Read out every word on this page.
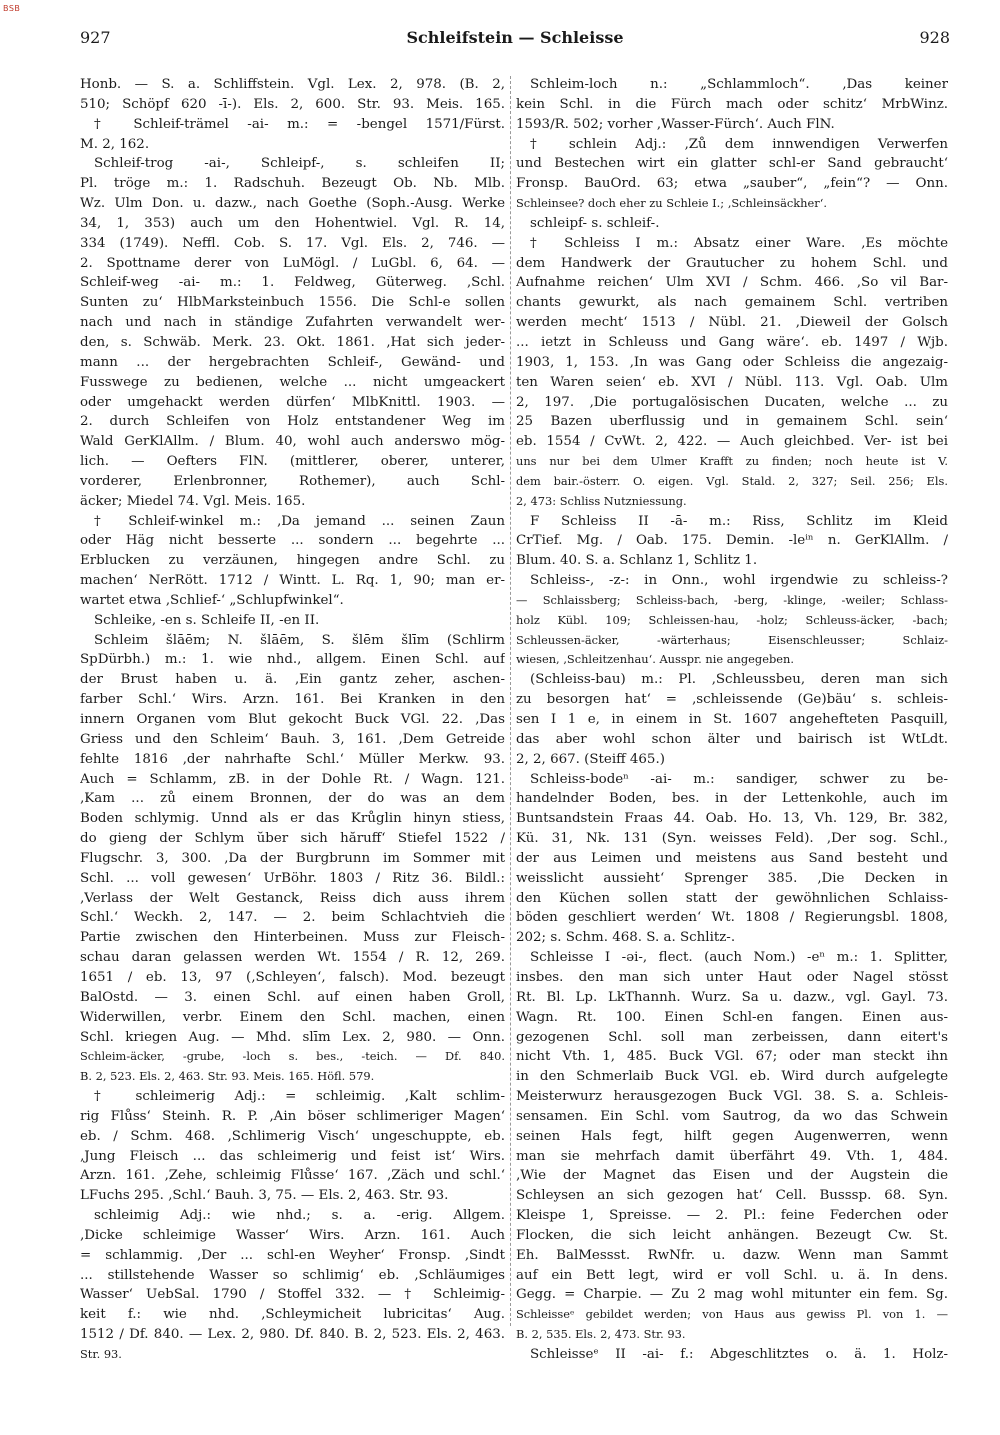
BSB
927	Schleifstein — Schleisse	928
Honb. — S. a. Schliffstein. Vgl. Lex. 2, 978. (B. 2,
510; Schöpf 620 -ī-). Els. 2, 600. Str. 93. Meis. 165.
† Schleif-trämel -ai- m.: = -bengel 1571/Fürst.
M. 2, 162.
Schleif-trog -ai-, Schleipf-, s. schleifen II;
Pl. tröge m.: 1. Radschuh. Bezeugt Ob. Nb. Mlb.
Wz. Ulm Don. u. dazw., nach Goethe (Soph.-Ausg. Werke
34, 1, 353) auch um den Hohentwiel. Vgl. R. 14,
334 (1749). Neffl. Cob. S. 17. Vgl. Els. 2, 746. —
2. Spottname derer von LuMögl. / LuGbl. 6, 64. —
Schleif-weg -ai- m.: 1. Feldweg, Güterweg. ‚Schl.
Sunten zu‘ HlbMarksteinbuch 1556. Die Schl-e sollen
nach und nach in ständige Zufahrten verwandelt wer-
den, s. Schwäb. Merk. 23. Okt. 1861. ‚Hat sich jeder-
mann ... der hergebrachten Schleif-, Gewänd- und
Fusswege zu bedienen, welche ... nicht umgeackert
oder umgehackt werden dürfen‘ MlbKnittl. 1903. —
2. durch Schleifen von Holz entstandener Weg im
Wald GerKlAllm. / Blum. 40, wohl auch anderswo mög-
lich. — Oefters FlN. (mittlerer, oberer, unterer,
vorderer, Erlenbronner, Rothemer), auch Schl-
äcker; Miedel 74. Vgl. Meis. 165.
† Schleif-winkel m.: ‚Da jemand ... seinen Zaun
oder Häg nicht besserte ... sondern ... begehrte ...
Erblucken zu verzäunen, hingegen andre Schl. zu
machen‘ NerRött. 1712 / Wintt. L. Rq. 1, 90; man er-
wartet etwa ‚Schlief-‘ „Schlupfwinkel“.
Schleike, -en s. Schleife II, -en II.
Schleim šlāēm; N. šlāēm, S. šlēm šlīm (Schlirm
SpDürbh.) m.: 1. wie nhd., allgem. Einen Schl. auf
der Brust haben u. ä. ‚Ein gantz zeher, aschen-
farber Schl.‘ Wirs. Arzn. 161. Bei Kranken in den
innern Organen vom Blut gekocht Buck VGl. 22. ‚Das
Griess und den Schleim‘ Bauh. 3, 161. ‚Dem Getreide
fehlte 1816 ‚der nahrhafte Schl.‘ Müller Merkw. 93.
Auch = Schlamm, zB. in der Dohle Rt. / Wagn. 121.
‚Kam ... zů einem Bronnen, der do was an dem
Boden schlymig. Unnd als er das Krůglin hinyn stiess,
do gieng der Schlym ŭber sich hăruff‘ Stiefel 1522 /
Flugschr. 3, 300. ‚Da der Burgbrunn im Sommer mit
Schl. ... voll gewesen‘ UrBöhr. 1803 / Ritz 36. Bildl.:
‚Verlass der Welt Gestanck, Reiss dich auss ihrem
Schl.‘ Weckh. 2, 147. — 2. beim Schlachtvieh die
Partie zwischen den Hinterbeinen. Muss zur Fleisch-
schau daran gelassen werden Wt. 1554 / R. 12, 269.
1651 / eb. 13, 97 (‚Schleyen‘, falsch). Mod. bezeugt
BalOstd. — 3. einen Schl. auf einen haben Groll,
Widerwillen, verbr. Einem den Schl. machen, einen
Schl. kriegen Aug. — Mhd. slīm Lex. 2, 980. — Onn.
Schleim-äcker, -grube, -loch s. bes., -teich. — Df. 840.
B. 2, 523. Els. 2, 463. Str. 93. Meis. 165. Höfl. 579.
† schleimerig Adj.: = schleimig. ‚Kalt schlim-
rig Flůss‘ Steinh. R. P. ‚Ain böser schlimeriger Magen‘
eb. / Schm. 468. ‚Schlimerig Visch‘ ungeschuppte, eb.
‚Jung Fleisch ... das schleimerig und feist ist‘ Wirs.
Arzn. 161. ‚Zehe, schleimig Flůsse‘ 167. ‚Zäch und schl.‘
LFuchs 295. ‚Schl.‘ Bauh. 3, 75. — Els. 2, 463. Str. 93.
schleimig Adj.: wie nhd.; s. a. -erig. Allgem.
‚Dicke schleimige Wasser‘ Wirs. Arzn. 161. Auch
= schlammig. ‚Der ... schl-en Weyher‘ Fronsp. ‚Sindt
... stillstehende Wasser so schlimig‘ eb. ‚Schläumiges
Wasser‘ UebSal. 1790 / Stoffel 332. — † Schleimig-
keit f.: wie nhd. ‚Schleymicheit lubricitas‘ Aug.
1512 / Df. 840. — Lex. 2, 980. Df. 840. B. 2, 523. Els. 2, 463.
Str. 93.
Schleim-loch n.: „Schlammloch“. ‚Das keiner
kein Schl. in die Fürch mach oder schitz‘ MrbWinz.
1593/R. 502; vorher ‚Wasser-Fürch‘. Auch FlN.
† schlein Adj.: ‚Zů dem innwendigen Verwerfen
und Bestechen wirt ein glatter schl-er Sand gebraucht‘
Fronsp. BauOrd. 63; etwa „sauber“, „fein“? — Onn.
Schleinsee? doch eher zu Schleie I.; ‚Schleinsäckher‘.
schleipf- s. schleif-.
† Schleiss I m.: Absatz einer Ware. ‚Es möchte
dem Handwerk der Grautucher zu hohem Schl. und
Aufnahme reichen‘ Ulm XVI / Schm. 466. ‚So vil Bar-
chants gewurkt, als nach gemainem Schl. vertriben
werden mecht‘ 1513 / Nübl. 21. ‚Dieweil der Golsch
... ietzt in Schleuss und Gang wäre‘. eb. 1497 / Wjb.
1903, 1, 153. ‚In was Gang oder Schleiss die angezaig-
ten Waren seien‘ eb. XVI / Nübl. 113. Vgl. Oab. Ulm
2, 197. ‚Die portugalösischen Ducaten, welche ... zu
25 Bazen uberflussig und in gemainem Schl. sein‘
eb. 1554 / CvWt. 2, 422. — Auch gleichbed. Ver- ist bei
uns nur bei dem Ulmer Krafft zu finden; noch heute ist V.
dem bair.-österr. O. eigen. Vgl. Stald. 2, 327; Seil. 256; Els.
2, 473: Schliss Nutzniessung.
F Schleiss II -ā- m.: Riss, Schlitz im Kleid
CrTief. Mg. / Oab. 175. Demin. -leⁱⁿ n. GerKlAllm. /
Blum. 40. S. a. Schlanz 1, Schlitz 1.
Schleiss-, -z-: in Onn., wohl irgendwie zu schleiss-?
— Schlaissberg; Schleiss-bach, -berg, -klinge, -weiler; Schlass-
holz Kübl. 109; Schleissen-hau, -holz; Schleuss-äcker, -bach;
Schleussen-äcker, -wärterhaus; Eisenschleusser; Schlaiz-
wiesen, ‚Schleitzenhau‘. Ausspr. nie angegeben.
(Schleiss-bau) m.: Pl. ‚Schleussbeu, deren man sich
zu besorgen hat‘ = ‚schleissende (Ge)bäu‘ s. schleis-
sen I 1 e, in einem in St. 1607 angehefteten Pasquill,
das aber wohl schon älter und bairisch ist WtLdt.
2, 2, 667. (Steiff 465.)
Schleiss-bodeⁿ -ai- m.: sandiger, schwer zu be-
handelnder Boden, bes. in der Lettenkohle, auch im
Buntsandstein Fraas 44. Oab. Ho. 13, Vh. 129, Br. 382,
Kü. 31, Nk. 131 (Syn. weisses Feld). ‚Der sog. Schl.,
der aus Leimen und meistens aus Sand besteht und
weisslicht aussieht‘ Sprenger 385. ‚Die Decken in
den Küchen sollen statt der gewöhnlichen Schlaiss-
böden geschliert werden‘ Wt. 1808 / Regierungsbl. 1808,
202; s. Schm. 468. S. a. Schlitz-.
Schleisse I -əi-, flect. (auch Nom.) -eⁿ m.: 1. Splitter,
insbes. den man sich unter Haut oder Nagel stösst
Rt. Bl. Lp. LkThannh. Wurz. Sa u. dazw., vgl. Gayl. 73.
Wagn. Rt. 100. Einen Schl-en fangen. Einen aus-
gezogenen Schl. soll man zerbeissen, dann eitert's
nicht Vth. 1, 485. Buck VGl. 67; oder man steckt ihn
in den Schmerlaib Buck VGl. eb. Wird durch aufgelegte
Meisterwurz herausgezogen Buck VGl. 38. S. a. Schleis-
sensamen. Ein Schl. vom Sautrog, da wo das Schwein
seinen Hals fegt, hilft gegen Augenwerren, wenn
man sie mehrfach damit überfährt 49. Vth. 1, 484.
‚Wie der Magnet das Eisen und der Augstein die
Schleysen an sich gezogen hat‘ Cell. Busssp. 68. Syn.
Kleispe 1, Spreisse. — 2. Pl.: feine Federchen oder
Flocken, die sich leicht anhängen. Bezeugt Cw. St.
Eh. BalMessst. RwNfr. u. dazw. Wenn man Sammt
auf ein Bett legt, wird er voll Schl. u. ä. In dens.
Gegg. = Charpie. — Zu 2 mag wohl mitunter ein fem. Sg.
Schleisseᵉ gebildet werden; von Haus aus gewiss Pl. von 1. —
B. 2, 535. Els. 2, 473. Str. 93.
Schleisseᵉ II -ai- f.: Abgeschlitztes o. ä. 1. Holz-
